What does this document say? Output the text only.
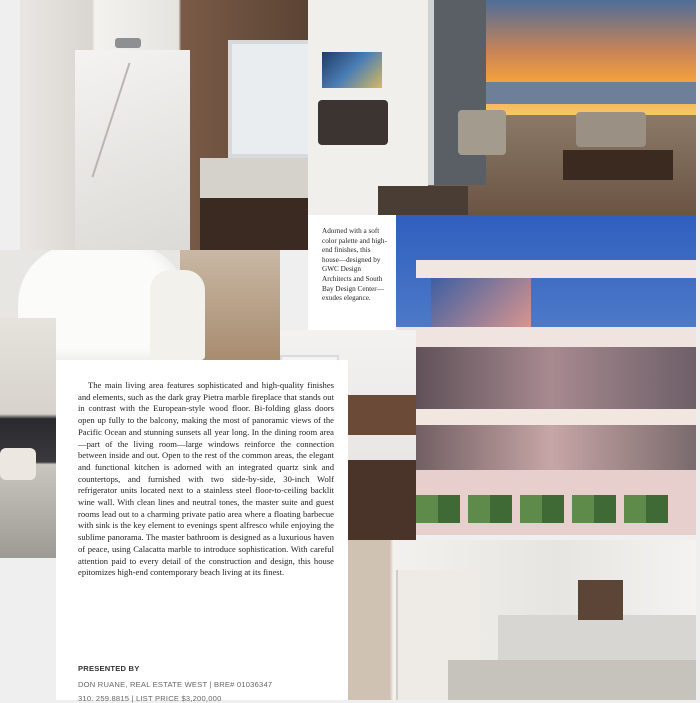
Adorned with a soft color palette and high-end finishes, this house—designed by GWC Design Architects and South Bay Design Center—exudes elegance.

The main living area features sophisticated and high-quality finishes and elements, such as the dark gray Pietra marble fireplace that stands out in contrast with the European-style wood floor. Bi-folding glass doors open up fully to the balcony, making the most of panoramic views of the Pacific Ocean and stunning sunsets all year long. In the dining room area—part of the living room—large windows reinforce the connection between inside and out. Open to the rest of the common areas, the elegant and functional kitchen is adorned with an integrated quartz sink and countertops, and furnished with two side-by-side, 30-inch Wolf refrigerator units located next to a stainless steel floor-to-ceiling backlit wine wall. With clean lines and neutral tones, the master suite and guest rooms lead out to a charming private patio area where a floating barbecue with sink is the key element to evenings spent alfresco while enjoying the sublime panorama. The master bathroom is designed as a luxurious haven of peace, using Calacatta marble to introduce sophistication. With careful attention paid to every detail of the construction and design, this house epitomizes high-end contemporary beach living at its finest.

PRESENTED BY

DON RUANE, REAL ESTATE WEST | BRE# 01036347

310. 259.8815 | LIST PRICE $3,200,000
